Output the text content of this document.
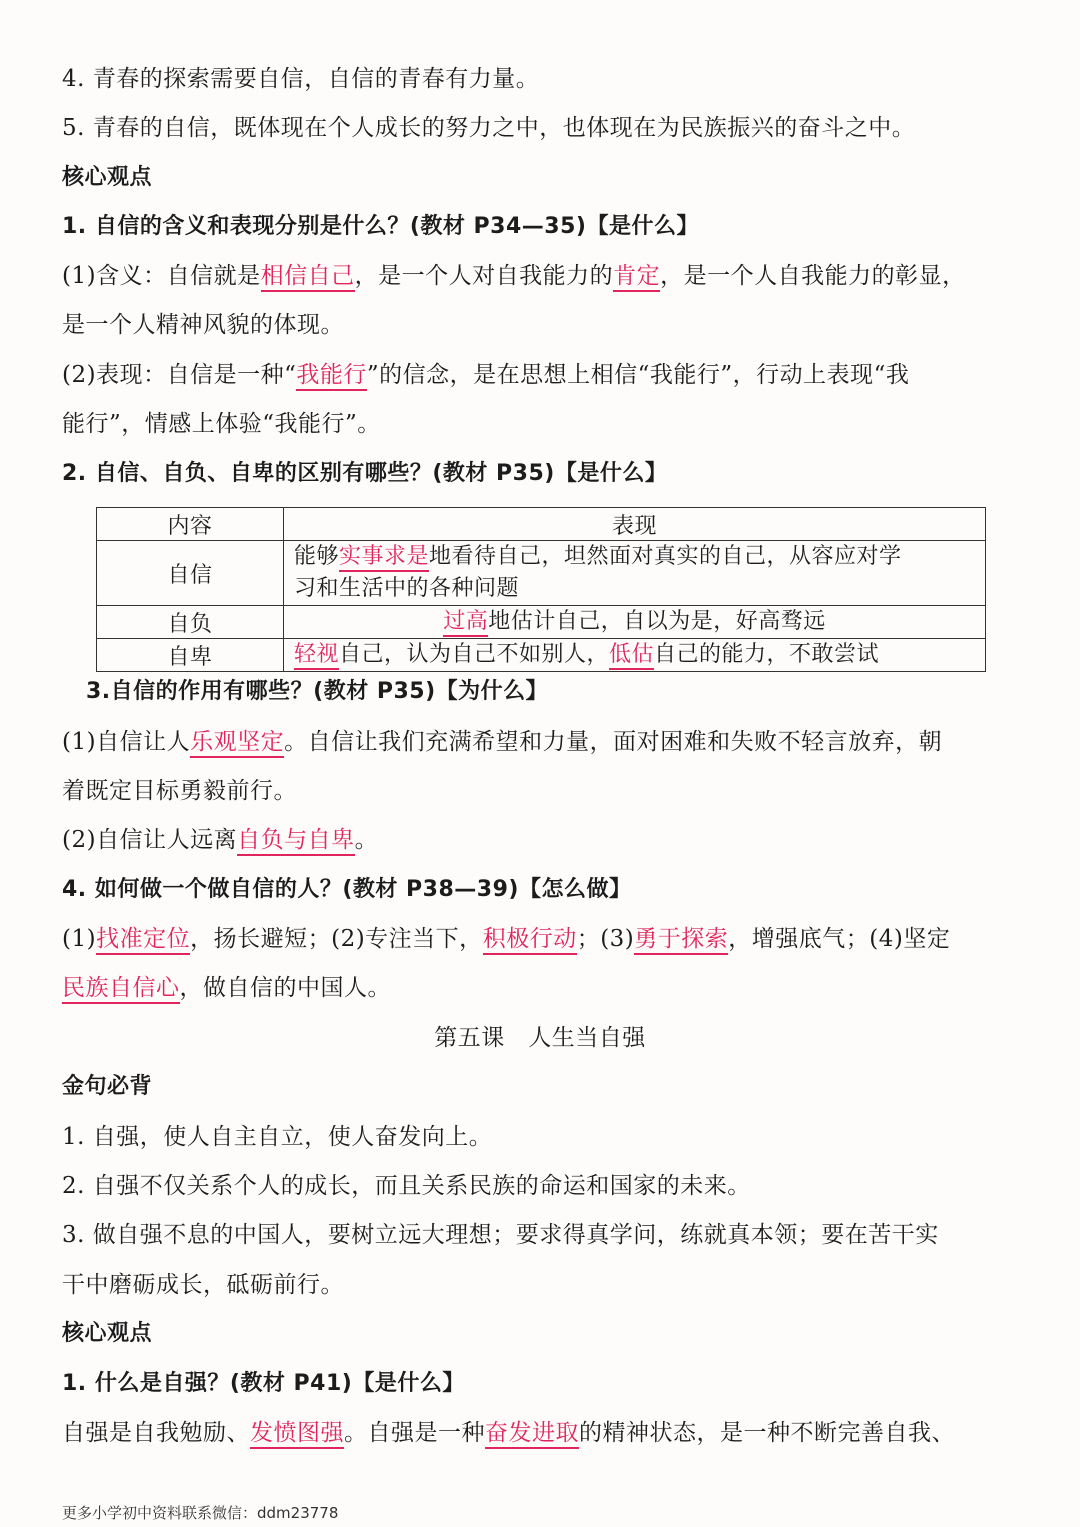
4. 青春的探索需要自信，自信的青春有力量。
5. 青春的自信，既体现在个人成长的努力之中，也体现在为民族振兴的奋斗之中。
核心观点
1. 自信的含义和表现分别是什么？(教材 P34—35)【是什么】
(1)含义：自信就是相信自己，是一个人对自我能力的肯定，是一个人自我能力的彰显，
是一个人精神风貌的体现。
(2)表现：自信是一种“我能行”的信念，是在思想上相信“我能行”，行动上表现“我
能行”，情感上体验“我能行”。
2. 自信、自负、自卑的区别有哪些？(教材 P35)【是什么】
内容	表现
自信	能够实事求是地看待自己，坦然面对真实的自己，从容应对学
习和生活中的各种问题
自负	过高地估计自己，自以为是，好高骛远
自卑	轻视自己，认为自己不如别人，低估自己的能力，不敢尝试
3.自信的作用有哪些？(教材 P35)【为什么】
(1)自信让人乐观坚定。自信让我们充满希望和力量，面对困难和失败不轻言放弃，朝
着既定目标勇毅前行。
(2)自信让人远离自负与自卑。
4. 如何做一个做自信的人？(教材 P38—39)【怎么做】
(1)找准定位，扬长避短；(2)专注当下，积极行动；(3)勇于探索，增强底气；(4)坚定
民族自信心，做自信的中国人。
第五课　人生当自强
金句必背
1. 自强，使人自主自立，使人奋发向上。
2. 自强不仅关系个人的成长，而且关系民族的命运和国家的未来。
3. 做自强不息的中国人，要树立远大理想；要求得真学问，练就真本领；要在苦干实
干中磨砺成长，砥砺前行。
核心观点
1. 什么是自强？(教材 P41)【是什么】
自强是自我勉励、发愤图强。自强是一种奋发进取的精神状态，是一种不断完善自我、
更多小学初中资料联系微信：ddm23778
